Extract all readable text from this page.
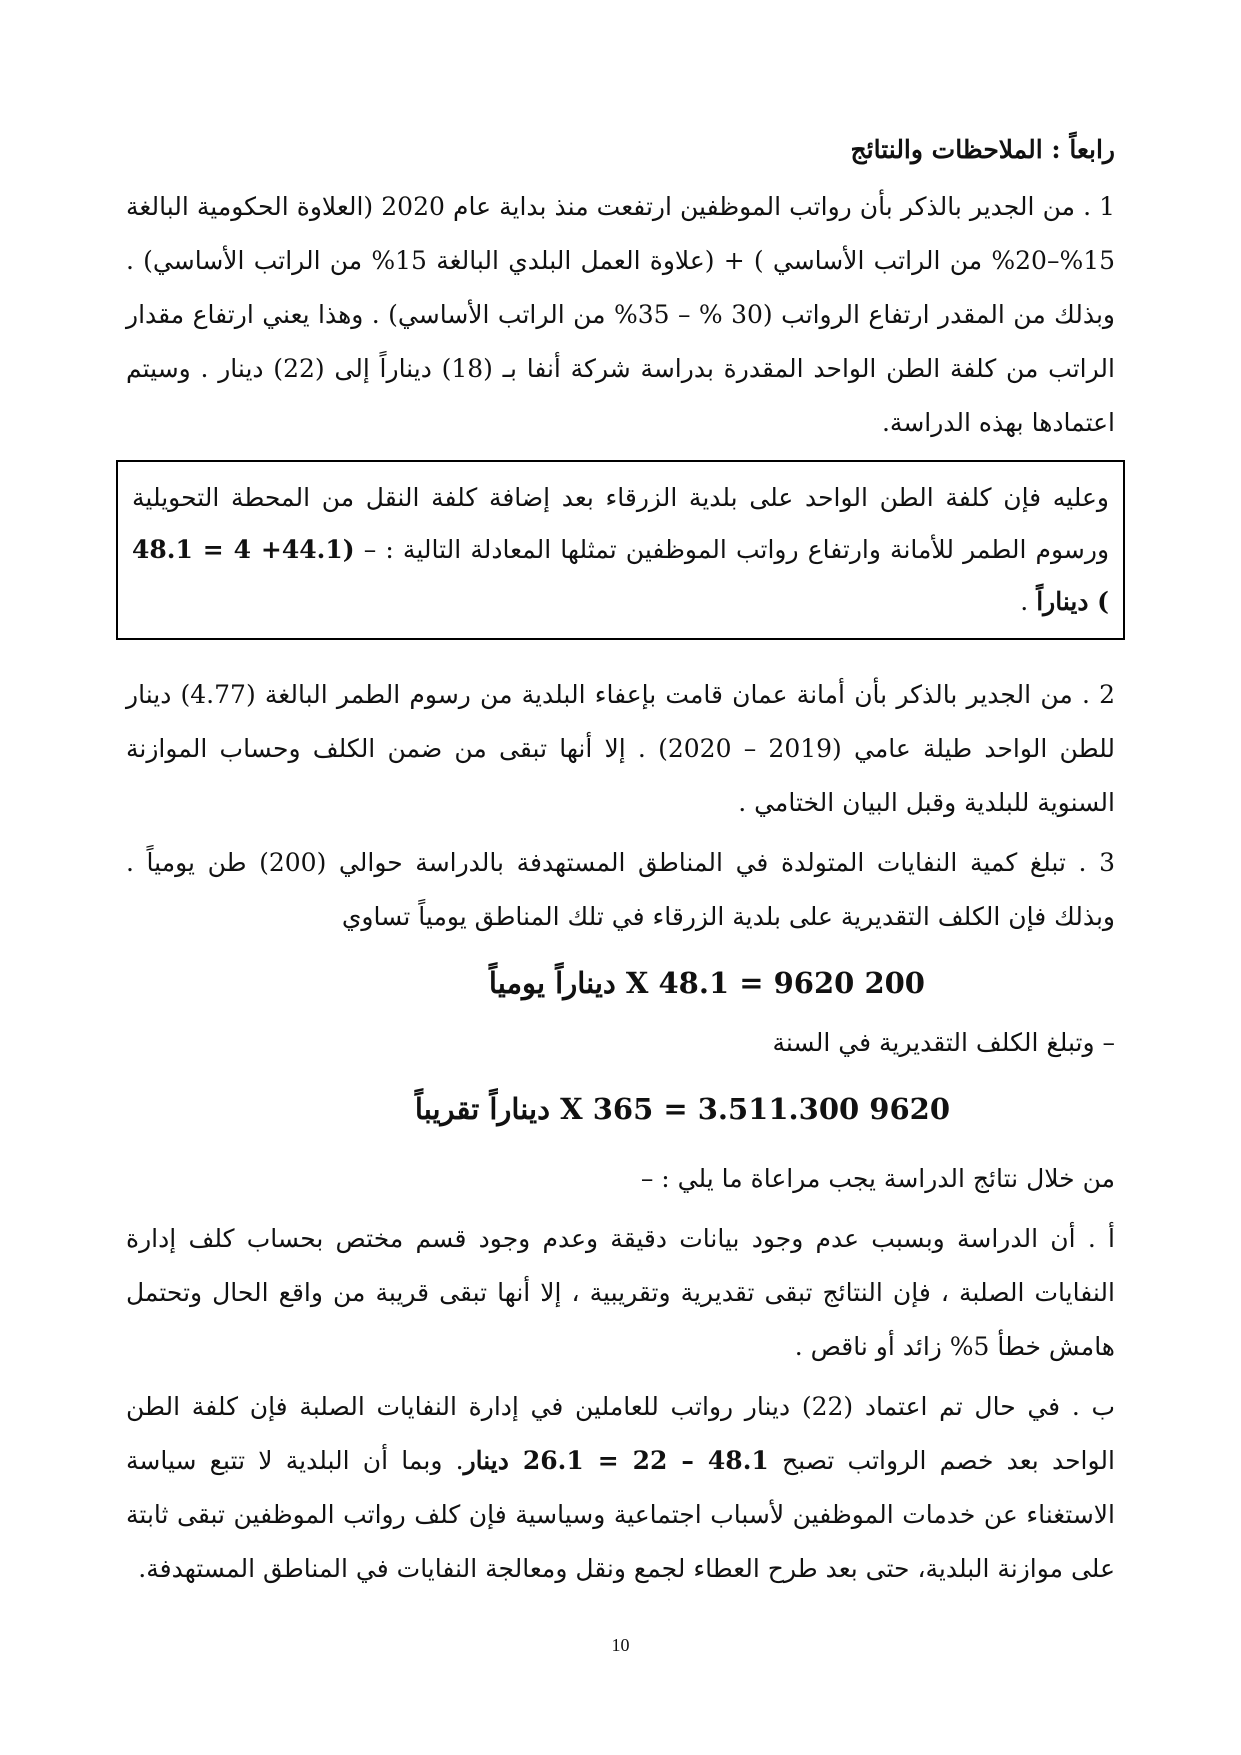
رابعاً : الملاحظات والنتائج

1 . من الجدير بالذكر بأن رواتب الموظفين ارتفعت منذ بداية عام 2020 (العلاوة الحكومية البالغة 15%–20% من الراتب الأساسي ) + (علاوة العمل البلدي البالغة 15% من الراتب الأساسي) . وبذلك من المقدر ارتفاع الرواتب (30 % – 35% من الراتب الأساسي) . وهذا يعني ارتفاع مقدار الراتب من كلفة الطن الواحد المقدرة بدراسة شركة أنفا بـ (18) ديناراً إلى (22) دينار . وسيتم اعتمادها بهذه الدراسة.

وعليه فإن كلفة الطن الواحد على بلدية الزرقاء بعد إضافة كلفة النقل من المحطة التحويلية ورسوم الطمر للأمانة وارتفاع رواتب الموظفين تمثلها المعادلة التالية : – (44.1+ 4 = 48.1 ) ديناراً .

2 . من الجدير بالذكر بأن أمانة عمان قامت بإعفاء البلدية من رسوم الطمر البالغة (4.77) دينار للطن الواحد طيلة عامي (2019 – 2020) . إلا أنها تبقى من ضمن الكلف وحساب الموازنة السنوية للبلدية وقبل البيان الختامي .

3 . تبلغ كمية النفايات المتولدة في المناطق المستهدفة بالدراسة حوالي (200) طن يومياً . وبذلك فإن الكلف التقديرية على بلدية الزرقاء في تلك المناطق يومياً تساوي

200 X 48.1 = 9620 ديناراً يومياً

– وتبلغ الكلف التقديرية في السنة

9620 X 365 = 3.511.300 ديناراً تقريباً

من خلال نتائج الدراسة يجب مراعاة ما يلي : –

أ . أن الدراسة وبسبب عدم وجود بيانات دقيقة وعدم وجود قسم مختص بحساب كلف إدارة النفايات الصلبة ، فإن النتائج تبقى تقديرية وتقريبية ، إلا أنها تبقى قريبة من واقع الحال وتحتمل هامش خطأ 5% زائد أو ناقص .

ب . في حال تم اعتماد (22) دينار رواتب للعاملين في إدارة النفايات الصلبة فإن كلفة الطن الواحد بعد خصم الرواتب تصبح 48.1 – 22 = 26.1 دينار. وبما أن البلدية لا تتبع سياسة الاستغناء عن خدمات الموظفين لأسباب اجتماعية وسياسية فإن كلف رواتب الموظفين تبقى ثابتة على موازنة البلدية، حتى بعد طرح العطاء لجمع ونقل ومعالجة النفايات في المناطق المستهدفة.

10
